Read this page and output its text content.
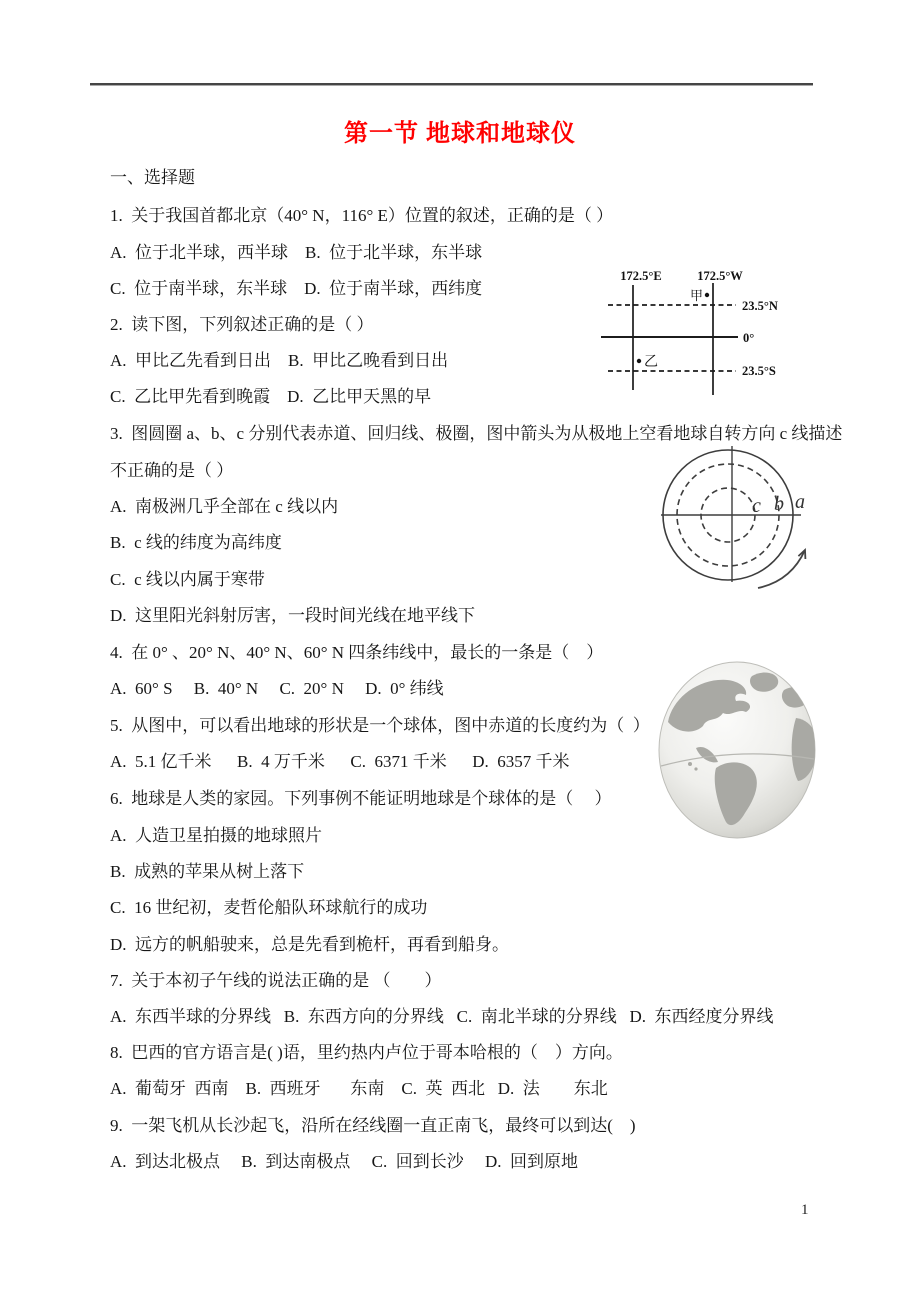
第一节 地球和地球仪
一、选择题
1.  关于我国首都北京（40° N，116° E）位置的叙述，正确的是（ ）
A.  位于北半球，西半球    B.  位于北半球，东半球
C.  位于南半球，东半球    D.  位于南半球，西纬度
2.  读下图，下列叙述正确的是（ ）
A.  甲比乙先看到日出    B.  甲比乙晚看到日出
C.  乙比甲先看到晚霞    D.  乙比甲天黑的早
3.  图圆圈 a、b、c 分别代表赤道、回归线、极圈，图中箭头为从极地上空看地球自转方向 c 线描述
不正确的是（ ）
A.  南极洲几乎全部在 c 线以内
B.  c 线的纬度为高纬度
C.  c 线以内属于寒带
D.  这里阳光斜射厉害，一段时间光线在地平线下
4.  在 0° 、20° N、40° N、60° N 四条纬线中，最长的一条是（    ）
A.  60° S     B.  40° N     C.  20° N     D.  0° 纬线
5.  从图中，可以看出地球的形状是一个球体，图中赤道的长度约为（  ）
A.  5.1 亿千米      B.  4 万千米      C.  6371 千米      D.  6357 千米
6.  地球是人类的家园。下列事例不能证明地球是个球体的是（     ）
A.  人造卫星拍摄的地球照片
B.  成熟的苹果从树上落下
C.  16 世纪初，麦哲伦船队环球航行的成功
D.  远方的帆船驶来，总是先看到桅杆，再看到船身。
7.  关于本初子午线的说法正确的是 （        ）
A.  东西半球的分界线   B.  东西方向的分界线   C.  南北半球的分界线   D.  东西经度分界线
8.  巴西的官方语言是( )语，里约热内卢位于哥本哈根的（    ）方向。
A.  葡萄牙  西南    B.  西班牙       东南    C.  英  西北   D.  法        东北
9.  一架飞机从长沙起飞，沿所在经线圈一直正南飞，最终可以到达(    )
A.  到达北极点     B.  到达南极点     C.  回到长沙     D.  回到原地
172.5°E	172.5°W
甲
乙
23.5°N
0°
23.5°S
c b a
1
